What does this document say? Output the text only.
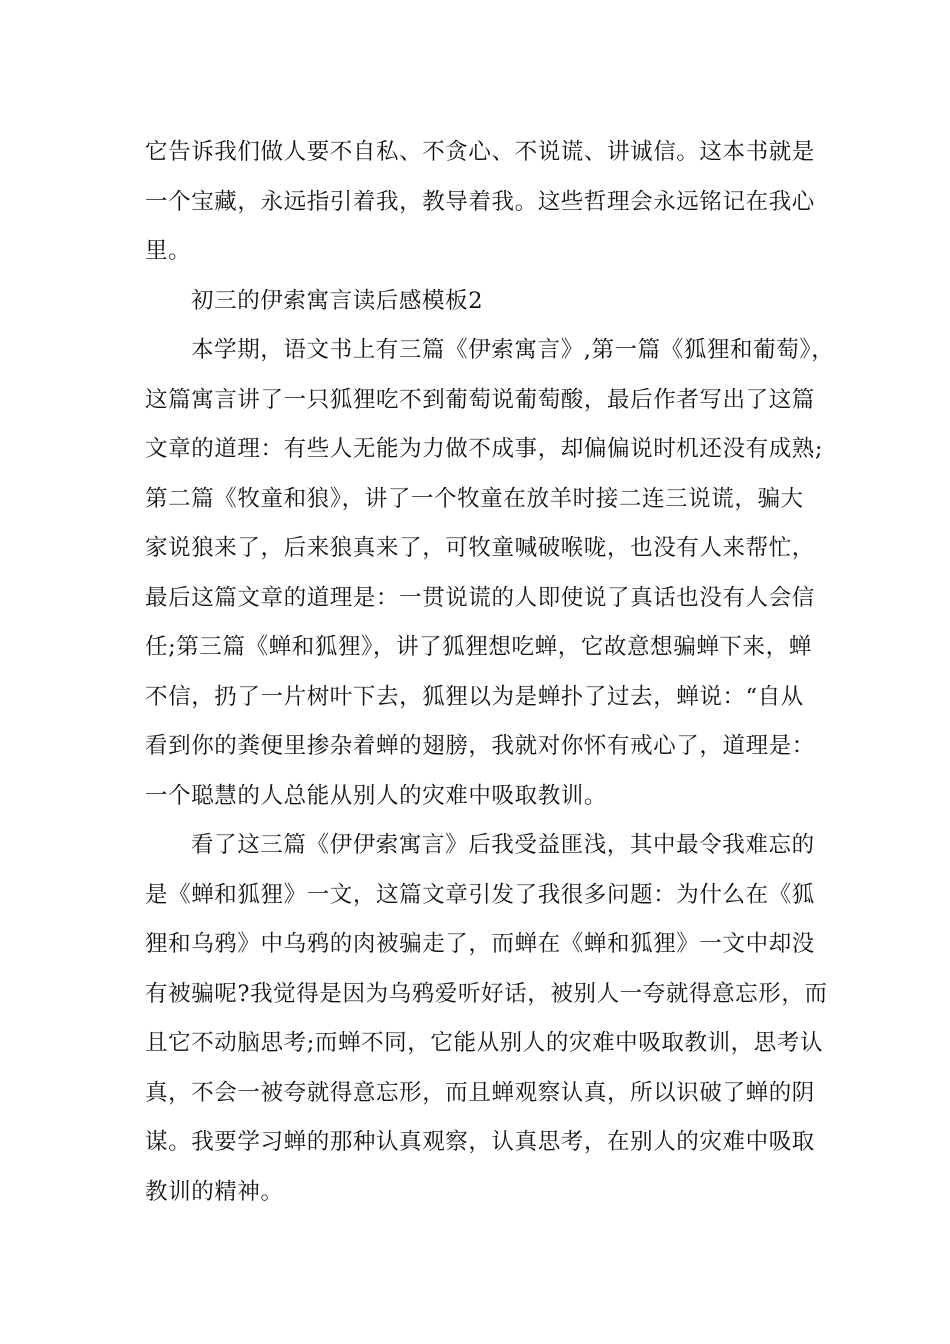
它告诉我们做人要不自私、不贪心、不说谎、讲诚信。这本书就是
一个宝藏，永远指引着我，教导着我。这些哲理会永远铭记在我心
里。
初三的伊索寓言读后感模板2
本学期，语文书上有三篇《伊索寓言》,第一篇《狐狸和葡萄》，
这篇寓言讲了一只狐狸吃不到葡萄说葡萄酸，最后作者写出了这篇
文章的道理：有些人无能为力做不成事，却偏偏说时机还没有成熟;
第二篇《牧童和狼》，讲了一个牧童在放羊时接二连三说谎，骗大
家说狼来了，后来狼真来了，可牧童喊破喉咙，也没有人来帮忙，
最后这篇文章的道理是：一贯说谎的人即使说了真话也没有人会信
任;第三篇《蝉和狐狸》，讲了狐狸想吃蝉，它故意想骗蝉下来，蝉
不信，扔了一片树叶下去，狐狸以为是蝉扑了过去，蝉说：“自从
看到你的粪便里掺杂着蝉的翅膀，我就对你怀有戒心了，道理是：
一个聪慧的人总能从别人的灾难中吸取教训。
看了这三篇《伊伊索寓言》后我受益匪浅，其中最令我难忘的
是《蝉和狐狸》一文，这篇文章引发了我很多问题：为什么在《狐
狸和乌鸦》中乌鸦的肉被骗走了，而蝉在《蝉和狐狸》一文中却没
有被骗呢?我觉得是因为乌鸦爱听好话，被别人一夸就得意忘形，而
且它不动脑思考;而蝉不同，它能从别人的灾难中吸取教训，思考认
真，不会一被夸就得意忘形，而且蝉观察认真，所以识破了蝉的阴
谋。我要学习蝉的那种认真观察，认真思考，在别人的灾难中吸取
教训的精神。
